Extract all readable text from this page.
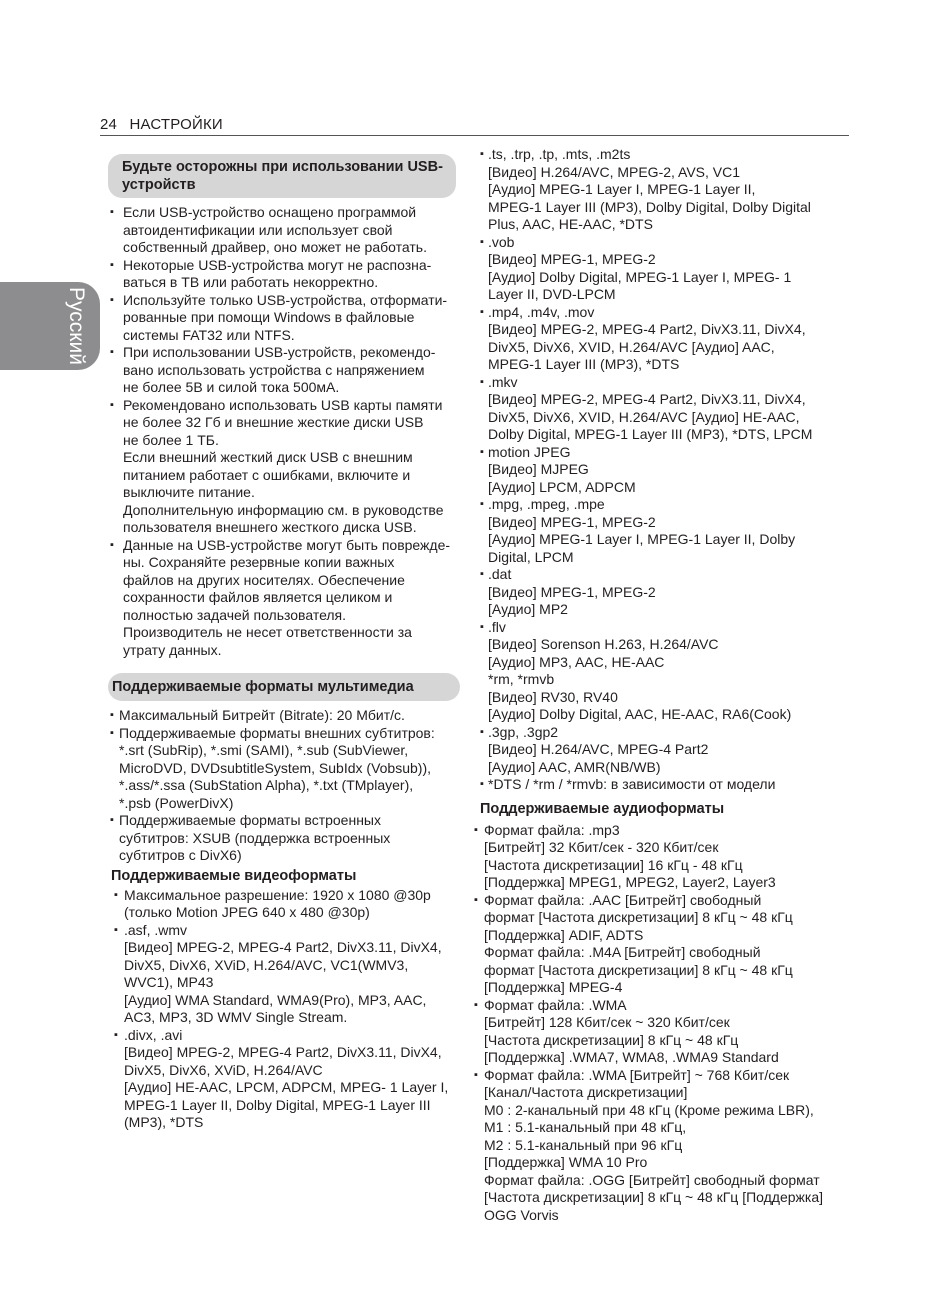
24 НАСТРОЙКИ
Русский
Будьте осторожны при использовании USB-устройств
▪ Если USB-устройство оснащено программой
автоидентификации или использует свой
собственный драйвер, оно может не работать.
▪ Некоторые USB-устройства могут не распозна-
ваться в ТВ или работать некорректно.
▪ Используйте только USB-устройства, отформати-
рованные при помощи Windows в файловые
системы FAT32 или NTFS.
▪ При использовании USB-устройств, рекомендо-
вано использовать устройства с напряжением
не более 5В и силой тока 500мА.
▪ Рекомендовано использовать USB карты памяти
не более 32 Гб и внешние жесткие диски USB
не более 1 ТБ.
Если внешний жесткий диск USB с внешним
питанием работает с ошибками, включите и
выключите питание.
Дополнительную информацию см. в руководстве
пользователя внешнего жесткого диска USB.
▪ Данные на USB-устройстве могут быть поврежде-
ны. Сохраняйте резервные копии важных
файлов на других носителях. Обеспечение
сохранности файлов является целиком и
полностью задачей пользователя.
Производитель не несет ответственности за
утрату данных.
Поддерживаемые форматы мультимедиа
▪ Максимальный Битрейт (Bitrate): 20 Мбит/с.
▪ Поддерживаемые форматы внешних субтитров:
*.srt (SubRip), *.smi (SAMI), *.sub (SubViewer,
MicroDVD, DVDsubtitleSystem, SubIdx (Vobsub)),
*.ass/*.ssa (SubStation Alpha), *.txt (TMplayer),
*.psb (PowerDivX)
▪ Поддерживаемые форматы встроенных
субтитров: XSUB (поддержка встроенных
субтитров с DivX6)
Поддерживаемые видеоформаты
▪ Максимальное разрешение: 1920 x 1080 @30p
(только Motion JPEG 640 x 480 @30p)
▪ .asf, .wmv
[Видео] MPEG-2, MPEG-4 Part2, DivX3.11, DivX4,
DivX5, DivX6, XViD, H.264/AVC, VC1(WMV3,
WVC1), MP43
[Аудио] WMA Standard, WMA9(Pro), MP3, AAC,
AC3, MP3, 3D WMV Single Stream.
▪ .divx, .avi
[Видео] MPEG-2, MPEG-4 Part2, DivX3.11, DivX4,
DivX5, DivX6, XViD, H.264/AVC
[Аудио] HE-AAC, LPCM, ADPCM, MPEG- 1 Layer I,
MPEG-1 Layer II, Dolby Digital, MPEG-1 Layer III
(MP3), *DTS
▪ .ts, .trp, .tp, .mts, .m2ts
[Видео] H.264/AVC, MPEG-2, AVS, VC1
[Аудио] MPEG-1 Layer I, MPEG-1 Layer II,
MPEG-1 Layer III (MP3), Dolby Digital, Dolby Digital
Plus, AAC, HE-AAC, *DTS
▪ .vob
[Видео] MPEG-1, MPEG-2
[Аудио] Dolby Digital, MPEG-1 Layer I, MPEG- 1
Layer II, DVD-LPCM
▪ .mp4, .m4v, .mov
[Видео] MPEG-2, MPEG-4 Part2, DivX3.11, DivX4,
DivX5, DivX6, XVID, H.264/AVC [Аудио] AAC,
MPEG-1 Layer III (MP3), *DTS
▪ .mkv
[Видео] MPEG-2, MPEG-4 Part2, DivX3.11, DivX4,
DivX5, DivX6, XVID, H.264/AVC [Аудио] HE-AAC,
Dolby Digital, MPEG-1 Layer III (MP3), *DTS, LPCM
▪ motion JPEG
[Видео] MJPEG
[Аудио] LPCM, ADPCM
▪ .mpg, .mpeg, .mpe
[Видео] MPEG-1, MPEG-2
[Аудио] MPEG-1 Layer I, MPEG-1 Layer II, Dolby
Digital, LPCM
▪ .dat
[Видео] MPEG-1, MPEG-2
[Аудио] MP2
▪ .flv
[Видео] Sorenson H.263, H.264/AVC
[Аудио] MP3, AAC, HE-AAC
*rm, *rmvb
[Видео] RV30, RV40
[Аудио] Dolby Digital, AAC, HE-AAC, RA6(Cook)
▪ .3gp, .3gp2
[Видео] H.264/AVC, MPEG-4 Part2
[Аудио] AAC, AMR(NB/WB)
▪ *DTS / *rm / *rmvb: в зависимости от модели
Поддерживаемые аудиоформаты
▪ Формат файла: .mp3
[Битрейт] 32 Кбит/сек - 320 Кбит/сек
[Частота дискретизации] 16 кГц - 48 кГц
[Поддержка] MPEG1, MPEG2, Layer2, Layer3
▪ Формат файла: .AAC [Битрейт] свободный
формат [Частота дискретизации] 8 кГц ~ 48 кГц
[Поддержка] ADIF, ADTS
Формат файла: .M4A [Битрейт] свободный
формат [Частота дискретизации] 8 кГц ~ 48 кГц
[Поддержка] MPEG-4
▪ Формат файла: .WMA
[Битрейт] 128 Кбит/сек ~ 320 Кбит/сек
[Частота дискретизации] 8 кГц ~ 48 кГц
[Поддержка] .WMA7, WMA8, .WMA9 Standard
▪ Формат файла: .WMA [Битрейт] ~ 768 Кбит/сек
[Канал/Частота дискретизации]
M0 : 2-канальный при 48 кГц (Кроме режима LBR),
M1 : 5.1-канальный при 48 кГц,
M2 : 5.1-канальный при 96 кГц
[Поддержка] WMA 10 Pro
Формат файла: .OGG [Битрейт] свободный формат
[Частота дискретизации] 8 кГц ~ 48 кГц [Поддержка]
OGG Vorvis
